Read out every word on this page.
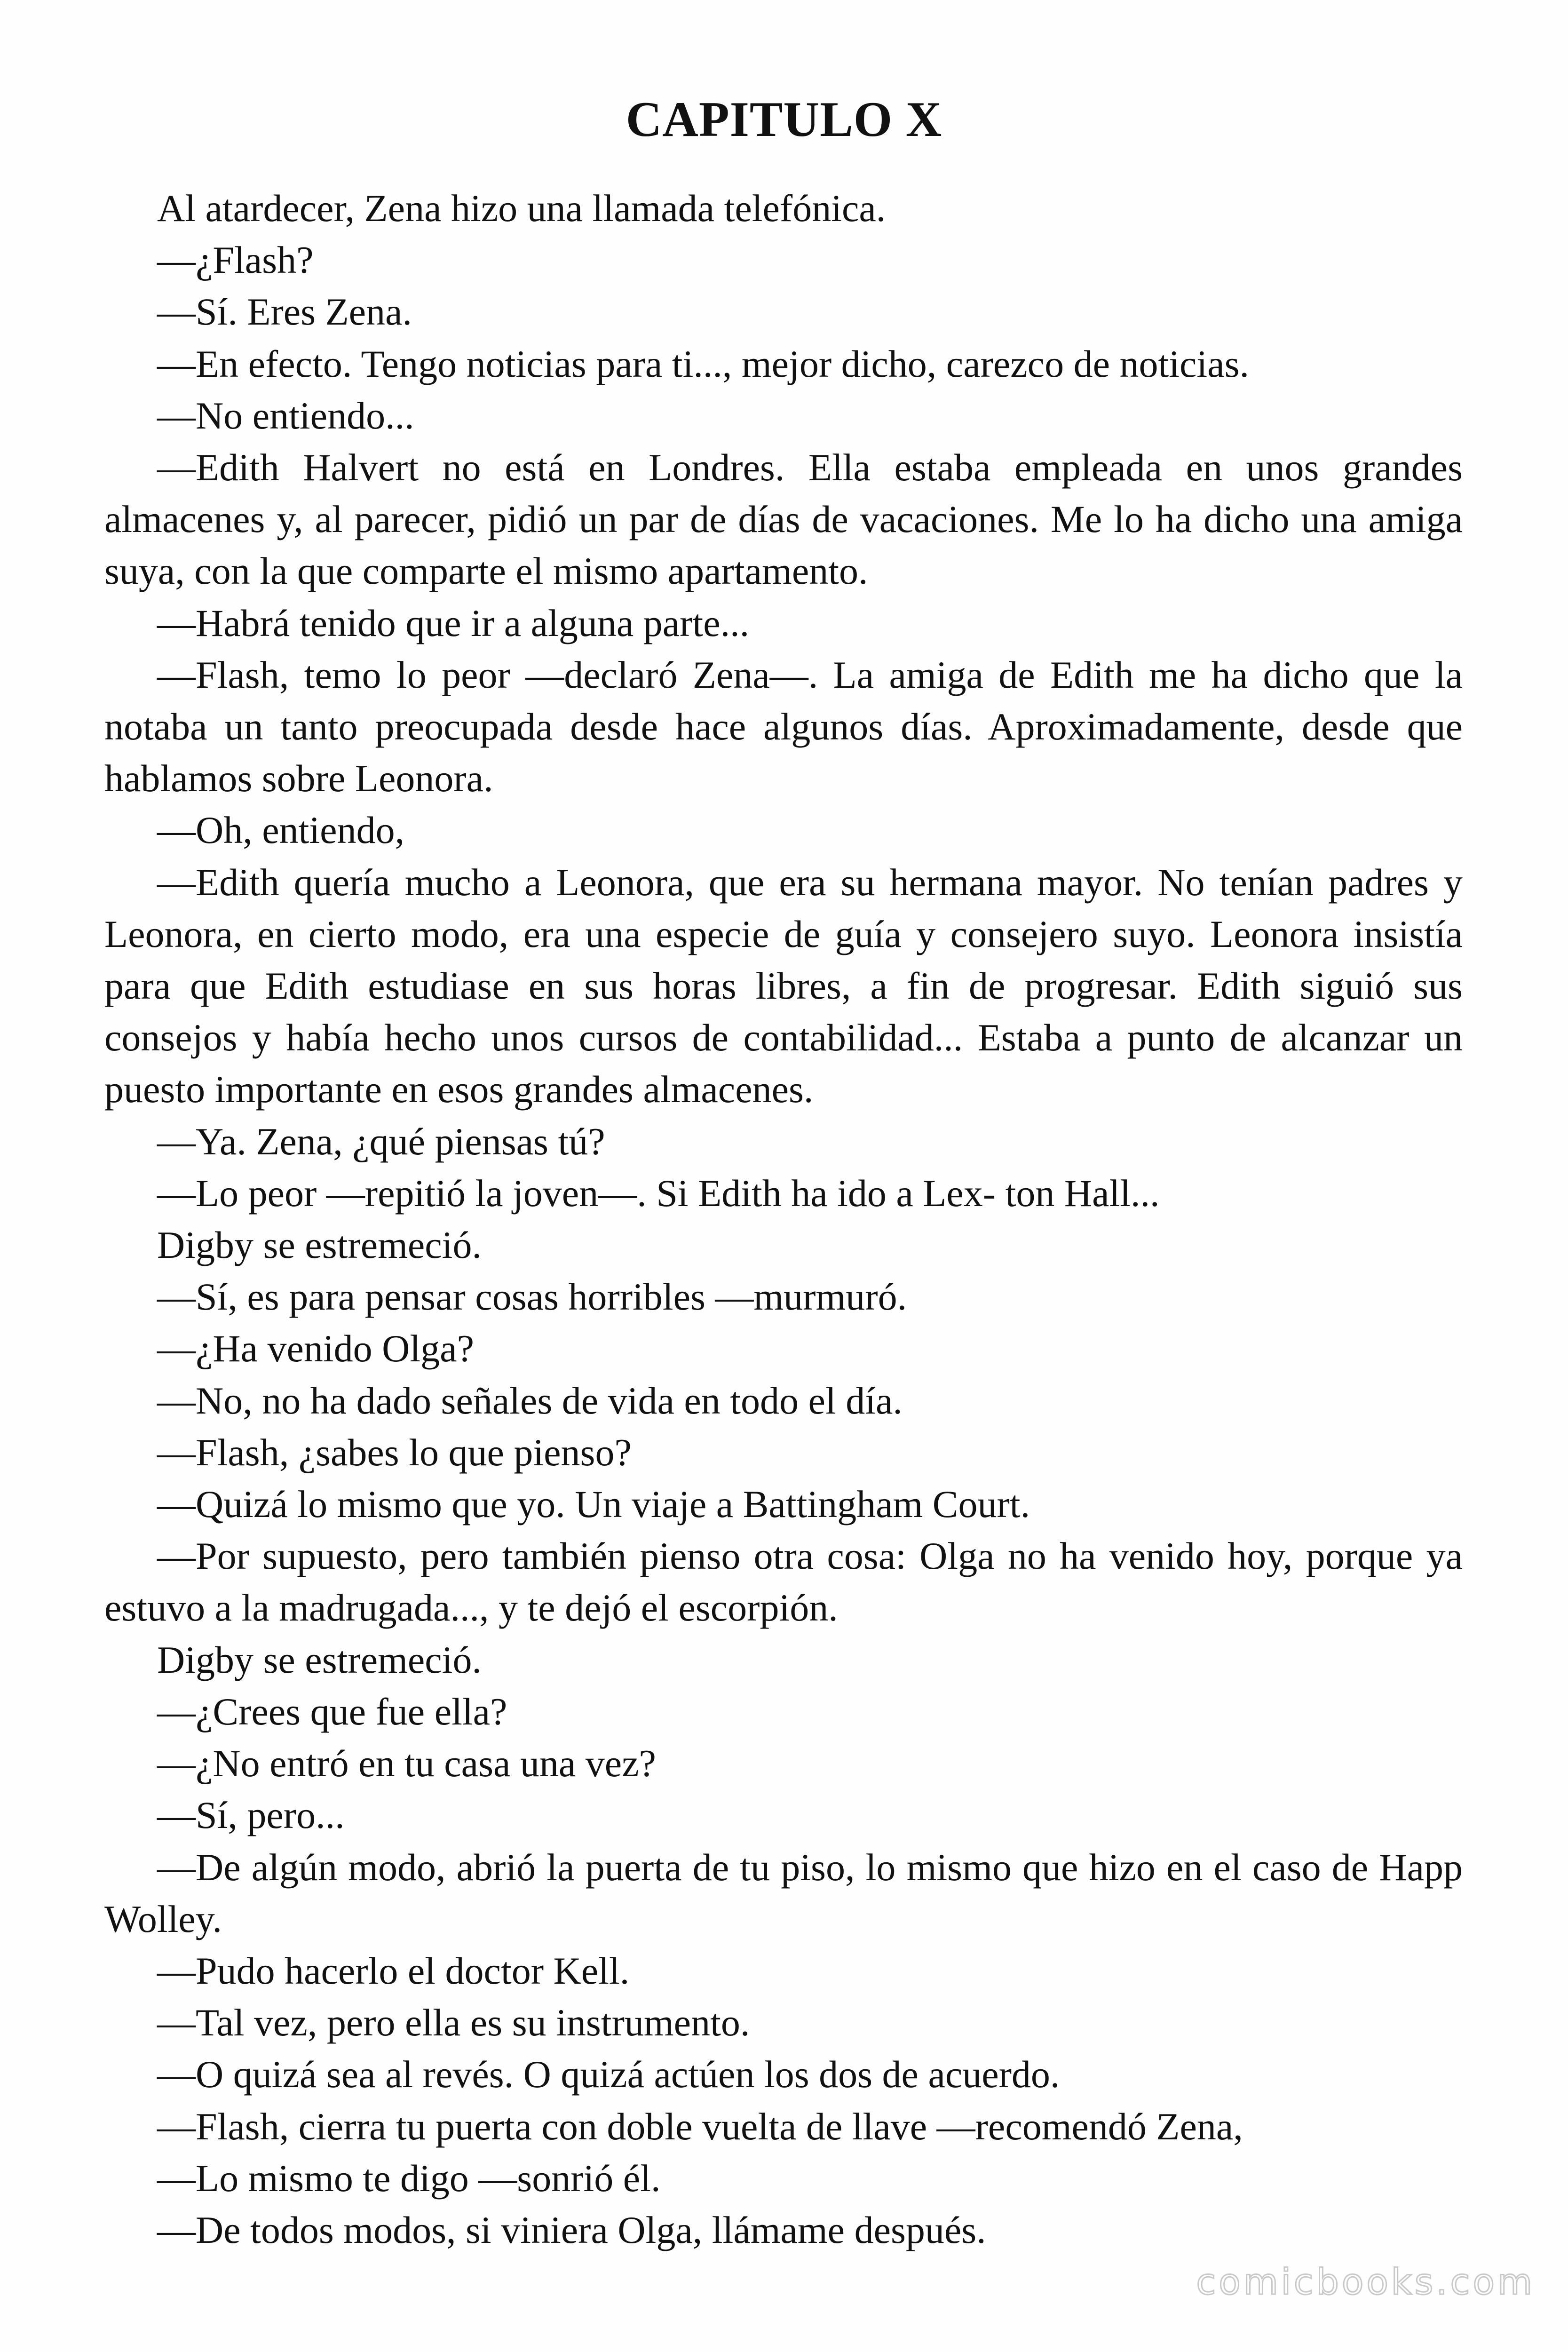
CAPITULO X

Al atardecer, Zena hizo una llamada telefónica.

—¿Flash?

—Sí. Eres Zena.

—En efecto. Tengo noticias para ti..., mejor dicho, carezco de noticias.

—No entiendo...

—Edith Halvert no está en Londres. Ella estaba empleada en unos grandes almacenes y, al parecer, pidió un par de días de vacaciones. Me lo ha dicho una amiga suya, con la que comparte el mismo apartamento.

—Habrá tenido que ir a alguna parte...

—Flash, temo lo peor —declaró Zena—. La amiga de Edith me ha dicho que la notaba un tanto preocupada desde hace algunos días. Aproximadamente, desde que hablamos sobre Leonora.

—Oh, entiendo,

—Edith quería mucho a Leonora, que era su hermana mayor. No tenían padres y Leonora, en cierto modo, era una especie de guía y consejero suyo. Leonora insistía para que Edith estudiase en sus horas libres, a fin de progresar. Edith siguió sus consejos y había hecho unos cursos de contabilidad... Estaba a punto de alcanzar un puesto importante en esos grandes almacenes.

—Ya. Zena, ¿qué piensas tú?

—Lo peor —repitió la joven—. Si Edith ha ido a Lex- ton Hall...

Digby se estremeció.

—Sí, es para pensar cosas horribles —murmuró.

—¿Ha venido Olga?

—No, no ha dado señales de vida en todo el día.

—Flash, ¿sabes lo que pienso?

—Quizá lo mismo que yo. Un viaje a Battingham Court.

—Por supuesto, pero también pienso otra cosa: Olga no ha venido hoy, porque ya estuvo a la madrugada..., y te dejó el escorpión.

Digby se estremeció.

—¿Crees que fue ella?

—¿No entró en tu casa una vez?

—Sí, pero...

—De algún modo, abrió la puerta de tu piso, lo mismo que hizo en el caso de Happ Wolley.

—Pudo hacerlo el doctor Kell.

—Tal vez, pero ella es su instrumento.

—O quizá sea al revés. O quizá actúen los dos de acuerdo.

—Flash, cierra tu puerta con doble vuelta de llave —recomendó Zena,

—Lo mismo te digo —sonrió él.

—De todos modos, si viniera Olga, llámame después.

comicbooks.com
